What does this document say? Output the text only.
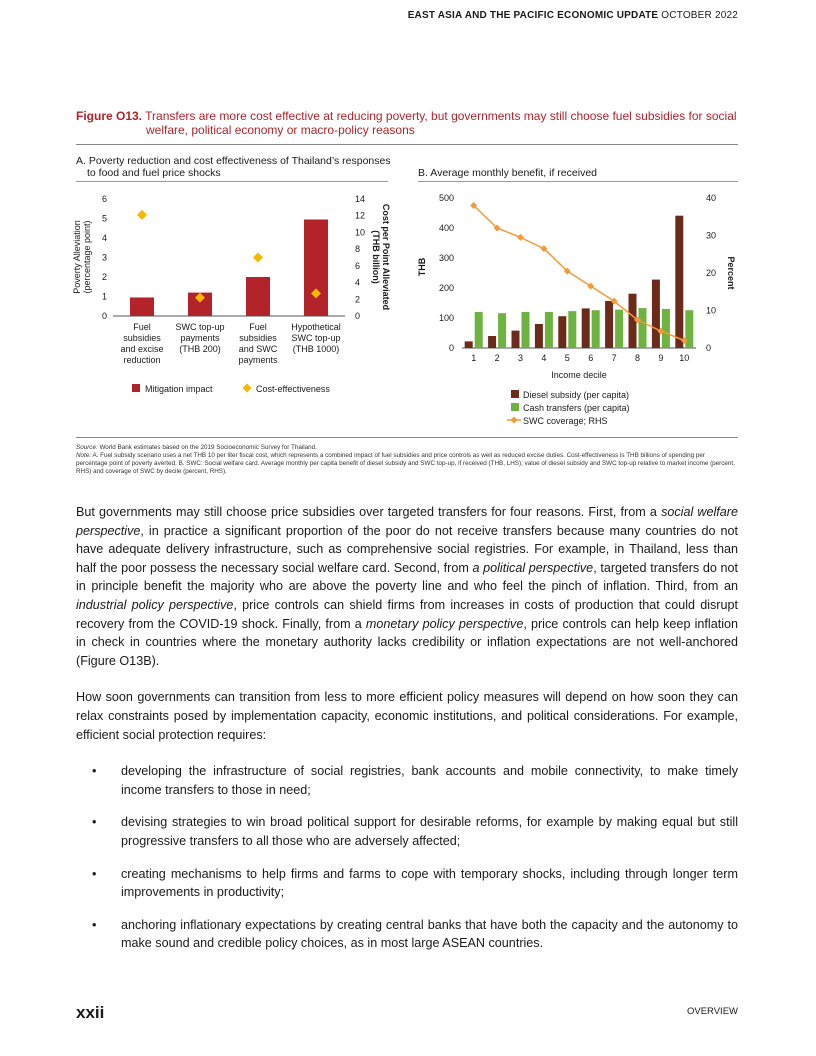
EAST ASIA AND THE PACIFIC ECONOMIC UPDATE OCTOBER 2022
Figure O13. Transfers are more cost effective at reducing poverty, but governments may still choose fuel subsidies for social welfare, political economy or macro-policy reasons
A. Poverty reduction and cost effectiveness of Thailand’s responses
to food and fuel price shocks	B. Average monthly benefit, if received
0
1
2
3
4
5
6
0
2
4
6
8
10
12
14
Poverty Alleviation(percentage point)	Cost per Point Alleviated(THB billion)
Fuel subsidies and excise reduction
SWC top-up payments (THB 200)
Fuel subsidies and SWC payments
Hypothetical SWC top-up (THB 1000)
Mitigation impact	Cost-effectiveness
0
100
200
300
400
500
0
10
20
30
40
THB	Percent
1 2 3 4 5 6 7 8 9 10
Income decile
Diesel subsidy (per capita)
Cash transfers (per capita)
SWC coverage; RHS
Source: World Bank estimates based on the 2019 Socioeconomic Survey for Thailand.
Note: A. Fuel subsidy scenario uses a net THB 10 per liter fiscal cost, which represents a combined impact of fuel subsidies and price controls as well as reduced excise duties. Cost-effectiveness is THB billions of spending per percentage point of poverty averted. B. SWC: Social welfare card. Average monthly per capita benefit of diesel subsidy and SWC top-up, if received (THB, LHS); value of diesel subsidy and SWC top-up relative to market income (percent, RHS) and coverage of SWC by decile (percent, RHS).
But governments may still choose price subsidies over targeted transfers for four reasons. First, from a social welfare perspective, in practice a significant proportion of the poor do not receive transfers because many countries do not have adequate delivery infrastructure, such as comprehensive social registries. For example, in Thailand, less than half the poor possess the necessary social welfare card. Second, from a political perspective, targeted transfers do not in principle benefit the majority who are above the poverty line and who feel the pinch of inflation. Third, from an industrial policy perspective, price controls can shield firms from increases in costs of production that could disrupt recovery from the COVID-19 shock. Finally, from a monetary policy perspective, price controls can help keep inflation in check in countries where the monetary authority lacks credibility or inflation expectations are not well-anchored (Figure O13B).
How soon governments can transition from less to more efficient policy measures will depend on how soon they can relax constraints posed by implementation capacity, economic institutions, and political considerations. For example, efficient social protection requires:
• developing the infrastructure of social registries, bank accounts and mobile connectivity, to make timely income transfers to those in need;
• devising strategies to win broad political support for desirable reforms, for example by making equal but still progressive transfers to all those who are adversely affected;
• creating mechanisms to help firms and farms to cope with temporary shocks, including through longer term improvements in productivity;
• anchoring inflationary expectations by creating central banks that have both the capacity and the autonomy to make sound and credible policy choices, as in most large ASEAN countries.
xxii	OVERVIEW
